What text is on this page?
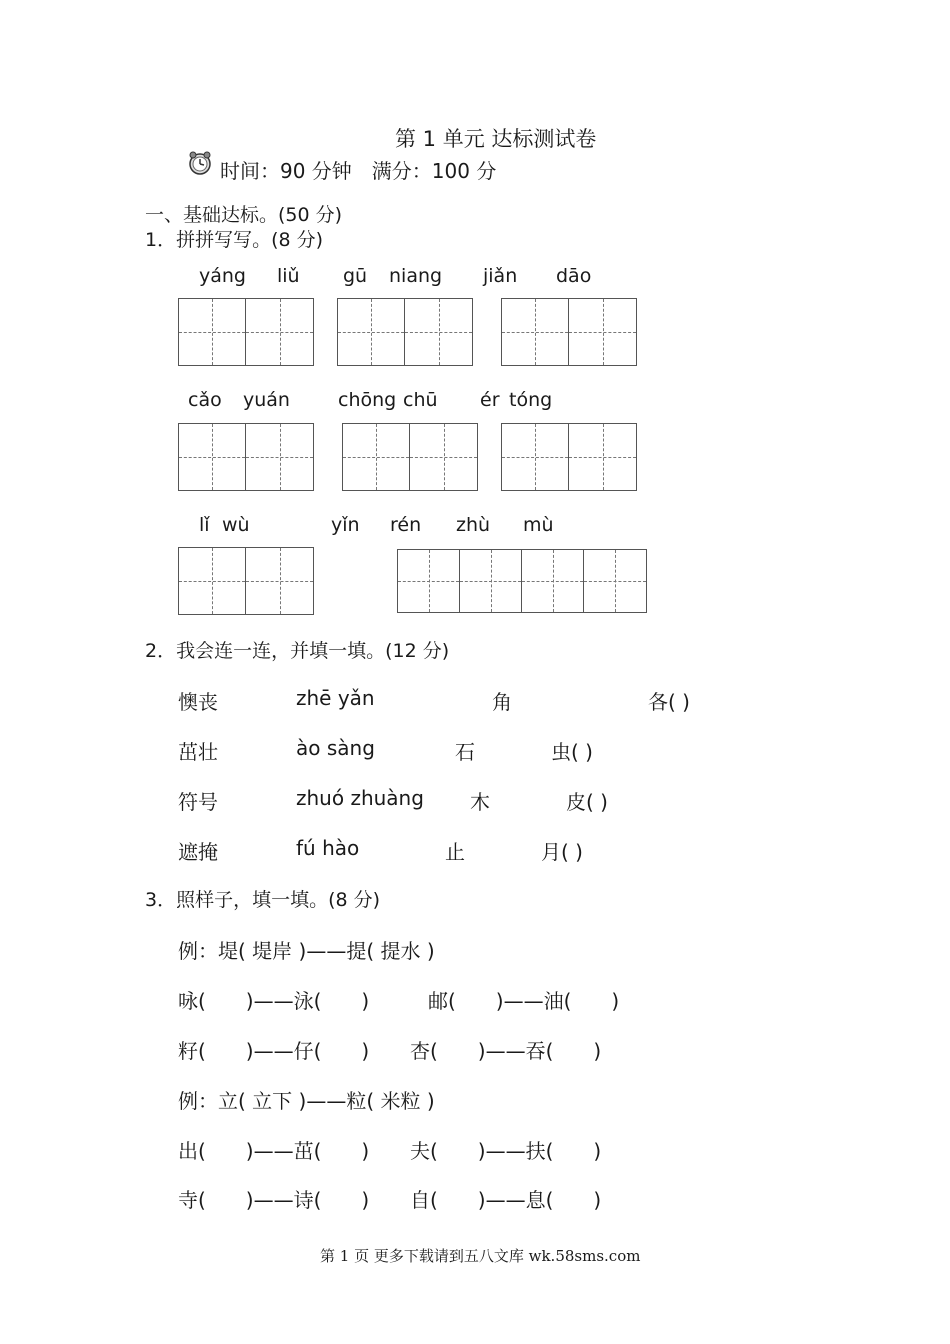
第 1 单元 达标测试卷
时间：90 分钟　满分：100 分
一、基础达标。(50 分)
1．拼拼写写。(8 分)
yáng liǔ gū niang jiǎn dāo
cǎo yuán	chōng chū ér tóng
lǐ wù	yǐn rén zhù mù
2．我会连一连，并填一填。(12 分)
懊丧	zhē yǎn	角	各( )
茁壮	ào sàng	石	虫( )
符号	zhuó zhuàng 木	皮( )
遮掩	fú hào	止	月( )
3．照样子，填一填。(8 分)
例：堤( 堤岸 )——提( 提水 )
咏(　　)——泳(　　)	邮(　　)——油(　　)
籽(　　)——仔(　　) 杏(　　)——吞(　　)
例：立( 立下 )——粒( 米粒 )
出(　　)——茁(　　) 夫(　　)——扶(　　)
寺(　　)——诗(　　) 自(　　)——息(　　)
第 1 页 更多下载请到五八文库 wk.58sms.com
